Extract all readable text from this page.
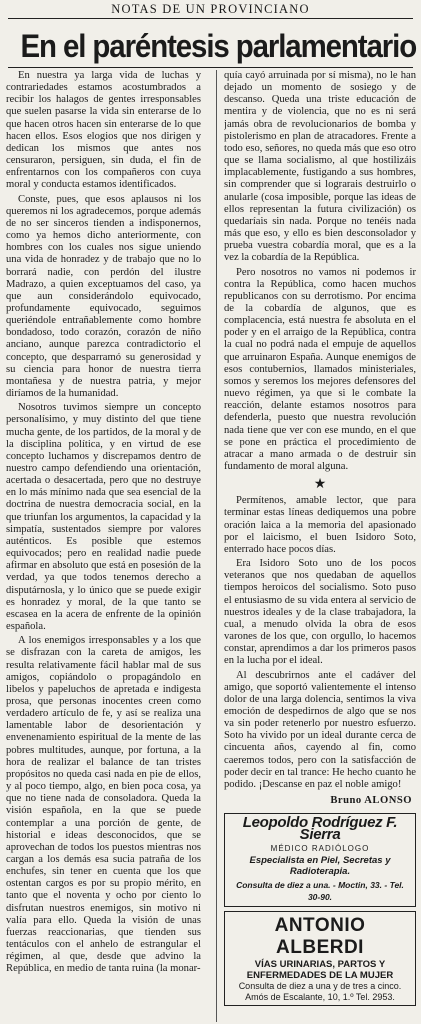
NOTAS DE UN PROVINCIANO
En el paréntesis parlamentario

En nuestra ya larga vida de luchas y contrariedades estamos acostumbrados a recibir los halagos de gentes irresponsables que suelen pasarse la vida sin enterarse de lo que hacen otros hacen sin enterarse de lo que hacen ellos. Esos elogios que nos dirigen y dedican los mismos que antes nos censuraron, persiguen, sin duda, el fin de enfrentarnos con los compañeros con cuya moral y conducta estamos identificados.

Conste, pues, que esos aplausos ni los queremos ni los agradecemos, porque además de no ser sinceros tienden a indisponernos, como ya hemos dicho anteriormente, con hombres con los cuales nos sigue uniendo una vida de honradez y de trabajo que no lo borrará nadie, con perdón del ilustre Madrazo, a quien exceptuamos del caso, ya que aun considerándolo equivocado, profundamente equivocado, seguimos queriéndole entrañablemente como hombre bondadoso, todo corazón, corazón de niño anciano, aunque parezca contradictorio el concepto, que desparramó su generosidad y su ciencia para honor de nuestra tierra montañesa y de nuestra patria, y mejor diríamos de la humanidad.

Nosotros tuvimos siempre un concepto personalísimo, y muy distinto del que tiene mucha gente, de los partidos, de la moral y de la disciplina política, y en virtud de ese concepto luchamos y discrepamos dentro de nuestro campo defendiendo una orientación, acertada o desacertada, pero que no destruye en lo más mínimo nada que sea esencial de la doctrina de nuestra democracia social, en la que triunfan los argumentos, la capacidad y la simpatía, sustentados siempre por valores auténticos. Es posible que estemos equivocados; pero en realidad nadie puede afirmar en absoluto que está en posesión de la verdad, ya que todos tenemos derecho a disputárnosla, y lo único que se puede exigir es honradez y moral, de la que tanto se escasea en la acera de enfrente de la opinión española.

A los enemigos irresponsables y a los que se disfrazan con la careta de amigos, les resulta relativamente fácil hablar mal de sus amigos, copiándolo o propagándolo en libelos y papeluchos de apretada e indigesta prosa, que personas inocentes creen como verdadero artículo de fe, y así se realiza una lamentable labor de desorientación y envenenamiento espiritual de la mente de las pobres multitudes, aunque, por fortuna, a la hora de realizar el balance de tan tristes propósitos no queda casi nada en pie de ellos, y al poco tiempo, algo, en bien poca cosa, ya que no tiene nada de consoladora. Queda la visión española, en la que se puede contemplar a una porción de gente, de historial e ideas desconocidos, que se aprovechan de todos los puestos mientras nos cargan a los demás esa sucia patraña de los enchufes, sin tener en cuenta que los que ostentan cargos es por su propio mérito, en tanto que el noventa y ocho por ciento lo disfrutan nuestros enemigos, sin motivo ni valía para ello. Queda la visión de unas fuerzas reaccionarias, que tienden sus tentáculos con el anhelo de estrangular el régimen, al que, desde que advino la República, en medio de tanta ruina (la monar-

quía cayó arruinada por sí misma), no le han dejado un momento de sosiego y de descanso. Queda una triste educación de mentira y de violencia, que no es ni será jamás obra de revolucionarios de bomba y pistolerismo en plan de atracadores. Frente a todo eso, señores, no queda más que eso otro que se llama socialismo, al que hostilizáis implacablemente, fustigando a sus hombres, sin comprender que si lograrais destruirlo o anularle (cosa imposible, porque las ideas de ellos representan la futura civilización) os quedaríais sin nada. Porque no tenéis nada más que eso, y ello es bien desconsolador y prueba vuestra cobardía moral, que es a la vez la cobardía de la República.

Pero nosotros no vamos ni podemos ir contra la República, como hacen muchos republicanos con su derrotismo. Por encima de la cobardía de algunos, que es complacencia, está nuestra fe absoluta en el poder y en el arraigo de la República, contra la cual no podrá nada el empuje de aquellos que arruinaron España. Aunque enemigos de esos contubernios, llamados ministeriales, somos y seremos los mejores defensores del nuevo régimen, ya que si le combate la reacción, delante estamos nosotros para defenderla, puesto que nuestra revolución nada tiene que ver con ese mundo, en el que se pone en práctica el procedimiento de atracar a mano armada o de destruir sin fundamento de moral alguna.

★

Permítenos, amable lector, que para terminar estas líneas dediquemos una pobre oración laica a la memoria del apasionado por el laicismo, el buen Isidoro Soto, enterrado hace pocos días.

Era Isidoro Soto uno de los pocos veteranos que nos quedaban de aquellos tiempos heroicos del socialismo. Soto puso el entusiasmo de su vida entera al servicio de nuestros ideales y de la clase trabajadora, la cual, a menudo olvida la obra de esos varones de los que, con orgullo, lo hacemos constar, aprendimos a dar los primeros pasos en la lucha por el ideal.

Al descubrirnos ante el cadáver del amigo, que soportó valientemente el intenso dolor de una larga dolencia, sentimos la viva emoción de despedirnos de algo que se nos va sin poder retenerlo por nuestro esfuerzo. Soto ha vivido por un ideal durante cerca de cincuenta años, cayendo al fin, como caeremos todos, pero con la satisfacción de poder decir en tal trance: He hecho cuanto he podido. ¡Descanse en paz el noble amigo!

Bruno ALONSO
Leopoldo Rodríguez F. Sierra
MÉDICO RADIÓLOGO
Especialista en Piel, Secretas y Radioterapia.
Consulta de diez a una. - Moctin, 33. - Tel. 30-90.
ANTONIO ALBERDI
VÍAS URINARIAS, PARTOS Y ENFERMEDADES DE LA MUJER
Consulta de diez a una y de tres a cinco. Amós de Escalante, 10, 1.º Tel. 2953.
